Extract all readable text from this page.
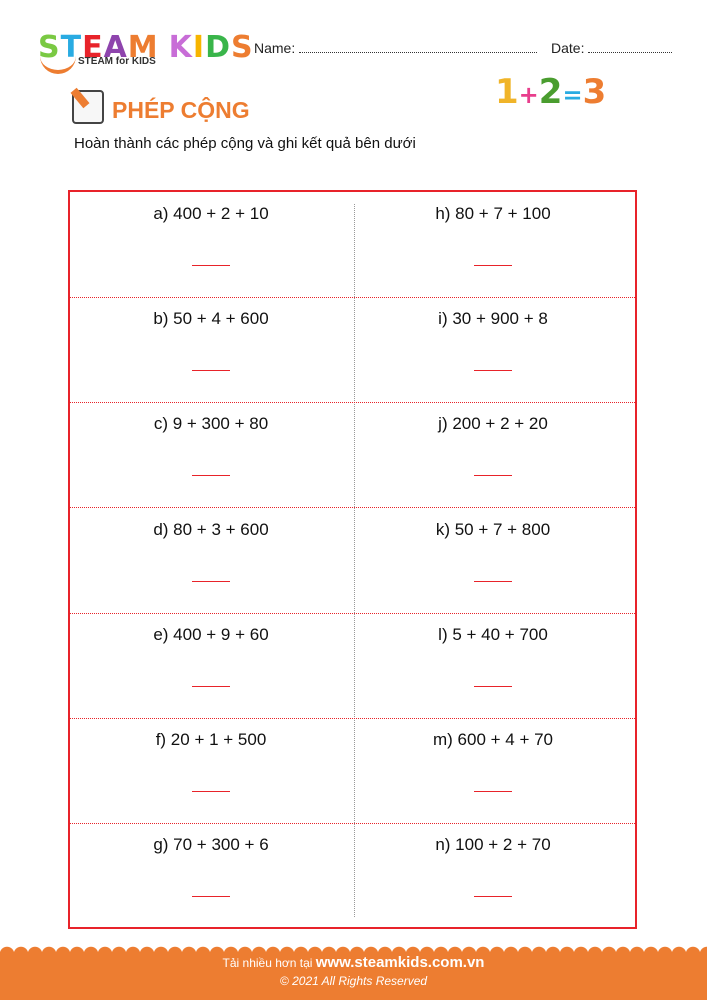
STEAM KIDS
STEAM for KIDS
Name:	Date:
1+2=3
PHÉP CỘNG
Hoàn thành các phép cộng và ghi kết quả bên dưới
a) 400 + 2 + 10	h) 80 + 7 + 100
b) 50 + 4 + 600	i) 30 + 900 + 8
c) 9 + 300 + 80	j) 200 + 2 + 20
d) 80 + 3 + 600	k) 50 + 7 + 800
e) 400 + 9 + 60	l) 5 + 40 + 700
f) 20 + 1 + 500	m) 600 + 4 + 70
g) 70 + 300 + 6	n) 100 + 2 + 70
Tải nhiều hơn tại www.steamkids.com.vn
© 2021 All Rights Reserved
